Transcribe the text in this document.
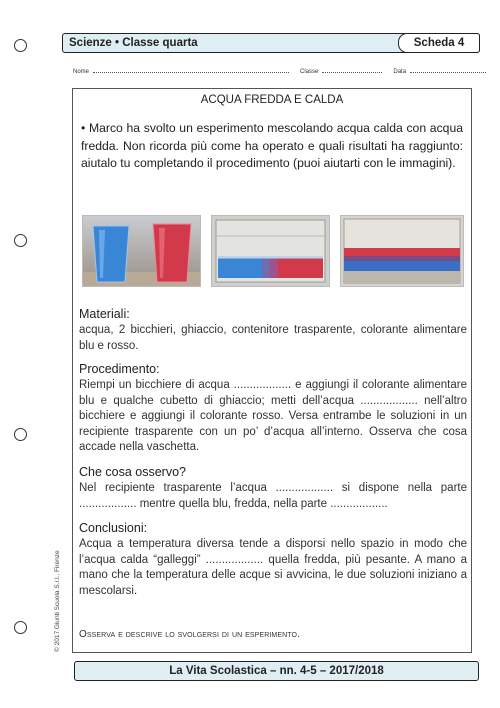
Scienze • Classe quarta	Scheda 4
Nome	Classe	Data
© 2017 Giunti Scuola S.r.l., Firenze
ACQUA FREDDA E CALDA
• Marco ha svolto un esperimento mescolando acqua calda con acqua fredda. Non ricorda più come ha operato e quali risultati ha raggiunto: aiutalo tu completando il procedimento (puoi aiutarti con le immagini).
Materiali:
acqua, 2 bicchieri, ghiaccio, contenitore trasparente, colorante alimentare blu e rosso.
Procedimento:
Riempi un bicchiere di acqua .................. e aggiungi il colorante alimentare blu e qualche cubetto di ghiaccio; metti dell’acqua .................. nell’altro bicchiere e aggiungi il colorante rosso. Versa entrambe le soluzioni in un recipiente trasparente con un po’ d’acqua all’interno. Osserva che cosa accade nella vaschetta.
Che cosa osservo?
Nel recipiente trasparente l’acqua .................. si dispone nella parte .................. mentre quella blu, fredda, nella parte ..................
Conclusioni:
Acqua a temperatura diversa tende a disporsi nello spazio in modo che l’acqua calda “galleggi” .................. quella fredda, più pesante. A mano a mano che la temperatura delle acque si avvicina, le due soluzioni iniziano a mescolarsi.
Osserva e descrive lo svolgersi di un esperimento.
La Vita Scolastica – nn. 4-5 – 2017/2018
